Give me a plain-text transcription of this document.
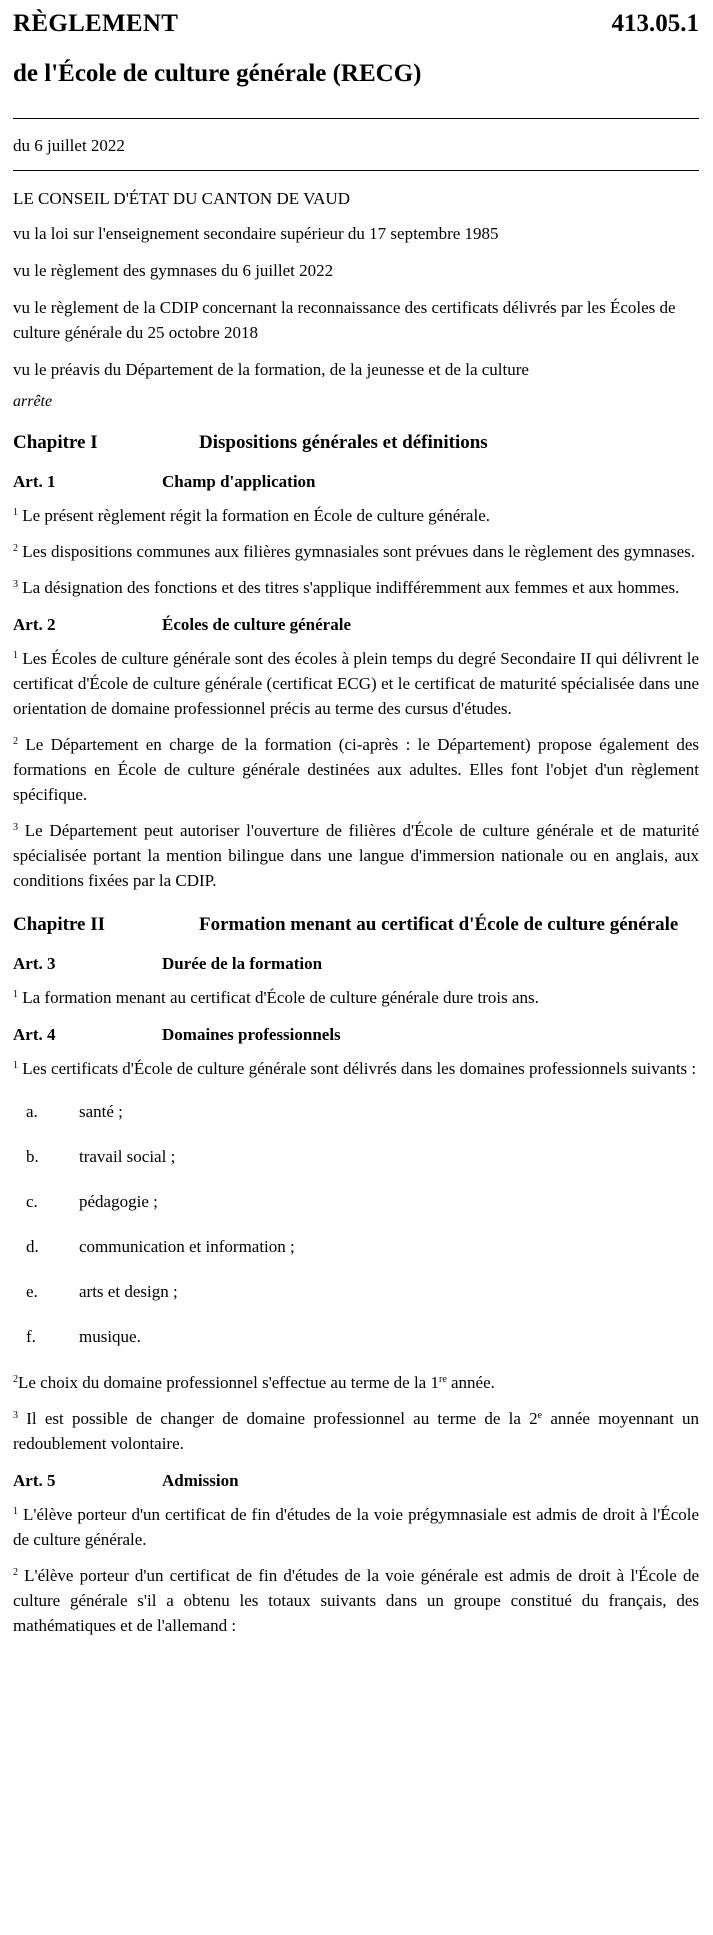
RÈGLEMENT	413.05.1
de l'École de culture générale (RECG)
du 6 juillet 2022
LE CONSEIL D'ÉTAT DU CANTON DE VAUD
vu la loi sur l'enseignement secondaire supérieur du 17 septembre 1985
vu le règlement des gymnases du 6 juillet 2022
vu le règlement de la CDIP concernant la reconnaissance des certificats délivrés par les Écoles de culture générale du 25 octobre 2018
vu le préavis du Département de la formation, de la jeunesse et de la culture
arrête
Chapitre I	Dispositions générales et définitions
Art. 1	Champ d'application
$^1$ Le présent règlement régit la formation en École de culture générale.
$^2$ Les dispositions communes aux filières gymnasiales sont prévues dans le règlement des gymnases.
$^3$ La désignation des fonctions et des titres s'applique indifféremment aux femmes et aux hommes.
Art. 2	Écoles de culture générale
$^1$ Les Écoles de culture générale sont des écoles à plein temps du degré Secondaire II qui délivrent le certificat d'École de culture générale (certificat ECG) et le certificat de maturité spécialisée dans une orientation de domaine professionnel précis au terme des cursus d'études.
$^2$ Le Département en charge de la formation (ci-après : le Département) propose également des formations en École de culture générale destinées aux adultes. Elles font l'objet d'un règlement spécifique.
$^3$ Le Département peut autoriser l'ouverture de filières d'École de culture générale et de maturité spécialisée portant la mention bilingue dans une langue d'immersion nationale ou en anglais, aux conditions fixées par la CDIP.
Chapitre II	Formation menant au certificat d'École de culture générale
Art. 3	Durée de la formation
$^1$ La formation menant au certificat d'École de culture générale dure trois ans.
Art. 4	Domaines professionnels
$^1$ Les certificats d'École de culture générale sont délivrés dans les domaines professionnels suivants :
a.	santé ;
b.	travail social ;
c.	pédagogie ;
d.	communication et information ;
e.	arts et design ;
f.	musique.
$^2$Le choix du domaine professionnel s'effectue au terme de la 1re année.
$^3$ Il est possible de changer de domaine professionnel au terme de la 2e année moyennant un redoublement volontaire.
Art. 5	Admission
$^1$ L'élève porteur d'un certificat de fin d'études de la voie prégymnasiale est admis de droit à l'École de culture générale.
$^2$ L'élève porteur d'un certificat de fin d'études de la voie générale est admis de droit à l'École de culture générale s'il a obtenu les totaux suivants dans un groupe constitué du français, des mathématiques et de l'allemand :
